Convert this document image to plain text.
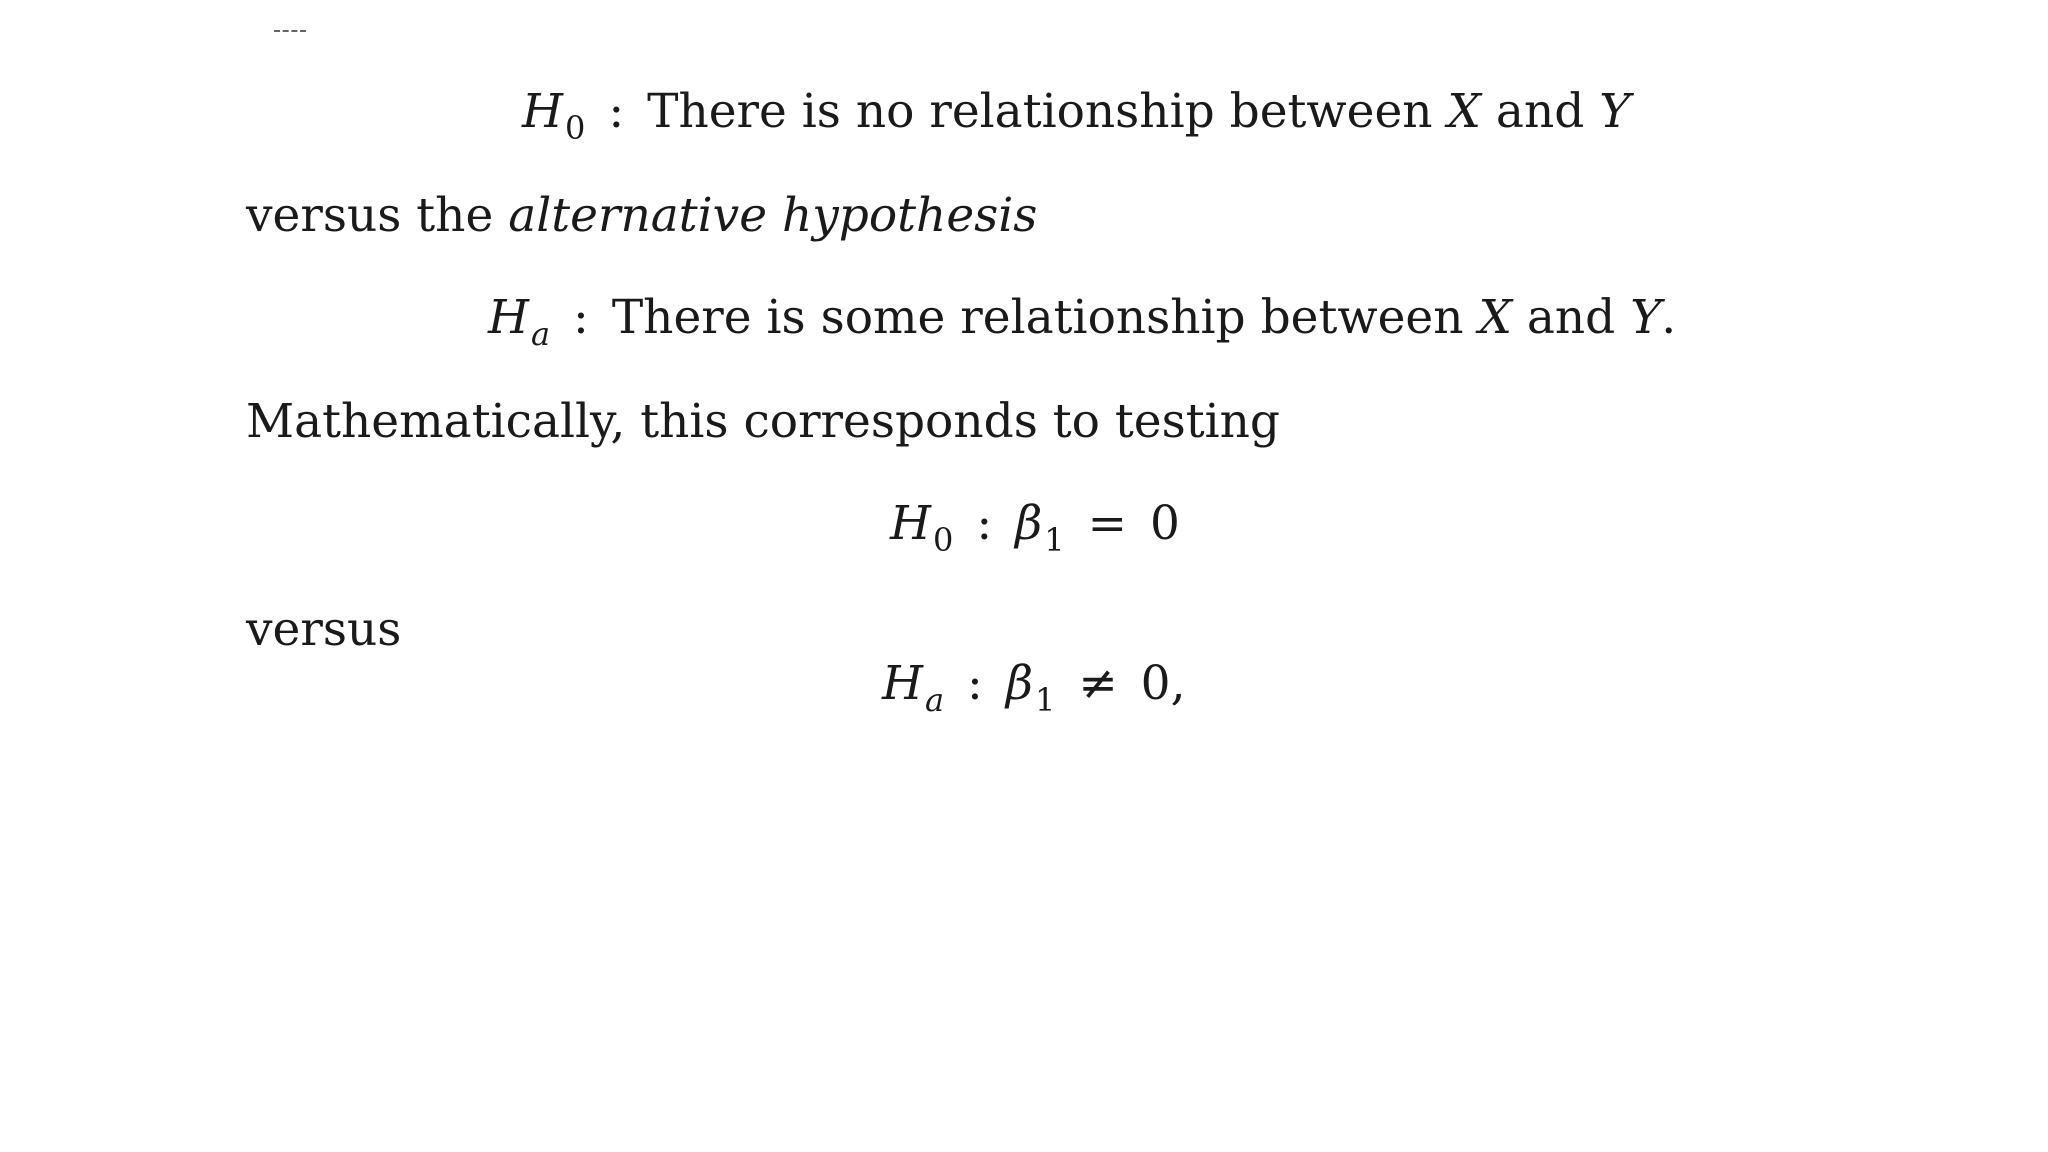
$H_0$ : There is no relationship between X and Y
versus the alternative hypothesis
$H_a$ : There is some relationship between X and Y.
Mathematically, this corresponds to testing
$H_0$ : $\beta_1 = 0$
versus
$H_a$ : $\beta_1 \ne 0$,
